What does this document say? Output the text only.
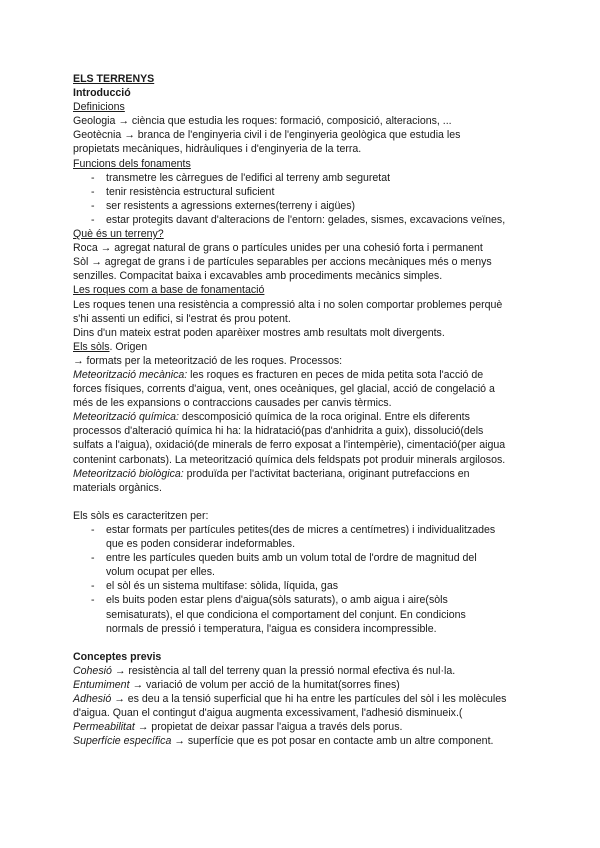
ELS TERRENYS
Introducció
Definicions
Geologia → ciència que estudia les roques: formació, composició, alteracions, ...
Geotècnia → branca de l'enginyeria civil i de l'enginyeria geològica que estudia les
propietats mecàniques, hidràuliques i d'enginyeria de la terra.
Funcions dels fonaments
- transmetre les càrregues de l'edifici al terreny amb seguretat
- tenir resistència estructural suficient
- ser resistents a agressions externes(terreny i aigües)
- estar protegits davant d'alteracions de l'entorn: gelades, sismes, excavacions veïnes,
Què és un terreny?
Roca → agregat natural de grans o partícules unides per una cohesió forta i permanent
Sòl → agregat de grans i de partícules separables per accions mecàniques més o menys
senzilles. Compacitat baixa i excavables amb procediments mecànics simples.
Les roques com a base de fonamentació
Les roques tenen una resistència a compressió alta i no solen comportar problemes perquè
s'hi assenti un edifici, si l'estrat és prou potent.
Dins d'un mateix estrat poden aparèixer mostres amb resultats molt divergents.
Els sòls. Origen
→ formats per la meteorització de les roques. Processos:
Meteorització mecànica: les roques es fracturen en peces de mida petita sota l'acció de
forces físiques, corrents d'aigua, vent, ones oceàniques, gel glacial, acció de congelació a
més de les expansions o contraccions causades per canvis tèrmics.
Meteorització química: descomposició química de la roca original. Entre els diferents
processos d'alteració química hi ha: la hidratació(pas d'anhidrita a guix), dissolució(dels
sulfats a l'aigua), oxidació(de minerals de ferro exposat a l'intempèrie), cimentació(per aigua
contenint carbonats). La meteorització química dels feldspats pot produir minerals argilosos.
Meteorització biològica: produïda per l'activitat bacteriana, originant putrefaccions en
materials orgànics.
Els sòls es caracteritzen per:
- estar formats per partícules petites(des de micres a centímetres) i individualitzades
que es poden considerar indeformables.
- entre les partícules queden buits amb un volum total de l'ordre de magnitud del
volum ocupat per elles.
- el sòl és un sistema multifase: sòlida, líquida, gas
- els buits poden estar plens d'aigua(sòls saturats), o amb aigua i aire(sòls
semisaturats), el que condiciona el comportament del conjunt. En condicions
normals de pressió i temperatura, l'aigua es considera incompressible.
Conceptes previs
Cohesió → resistència al tall del terreny quan la pressió normal efectiva és nul·la.
Entumiment → variació de volum per acció de la humitat(sorres fines)
Adhesió → es deu a la tensió superficial que hi ha entre les partícules del sòl i les molècules
d'aigua. Quan el contingut d'aigua augmenta excessivament, l'adhesió disminueix.(
Permeabilitat → propietat de deixar passar l'aigua a través dels porus.
Superfície específica → superfície que es pot posar en contacte amb un altre component.
